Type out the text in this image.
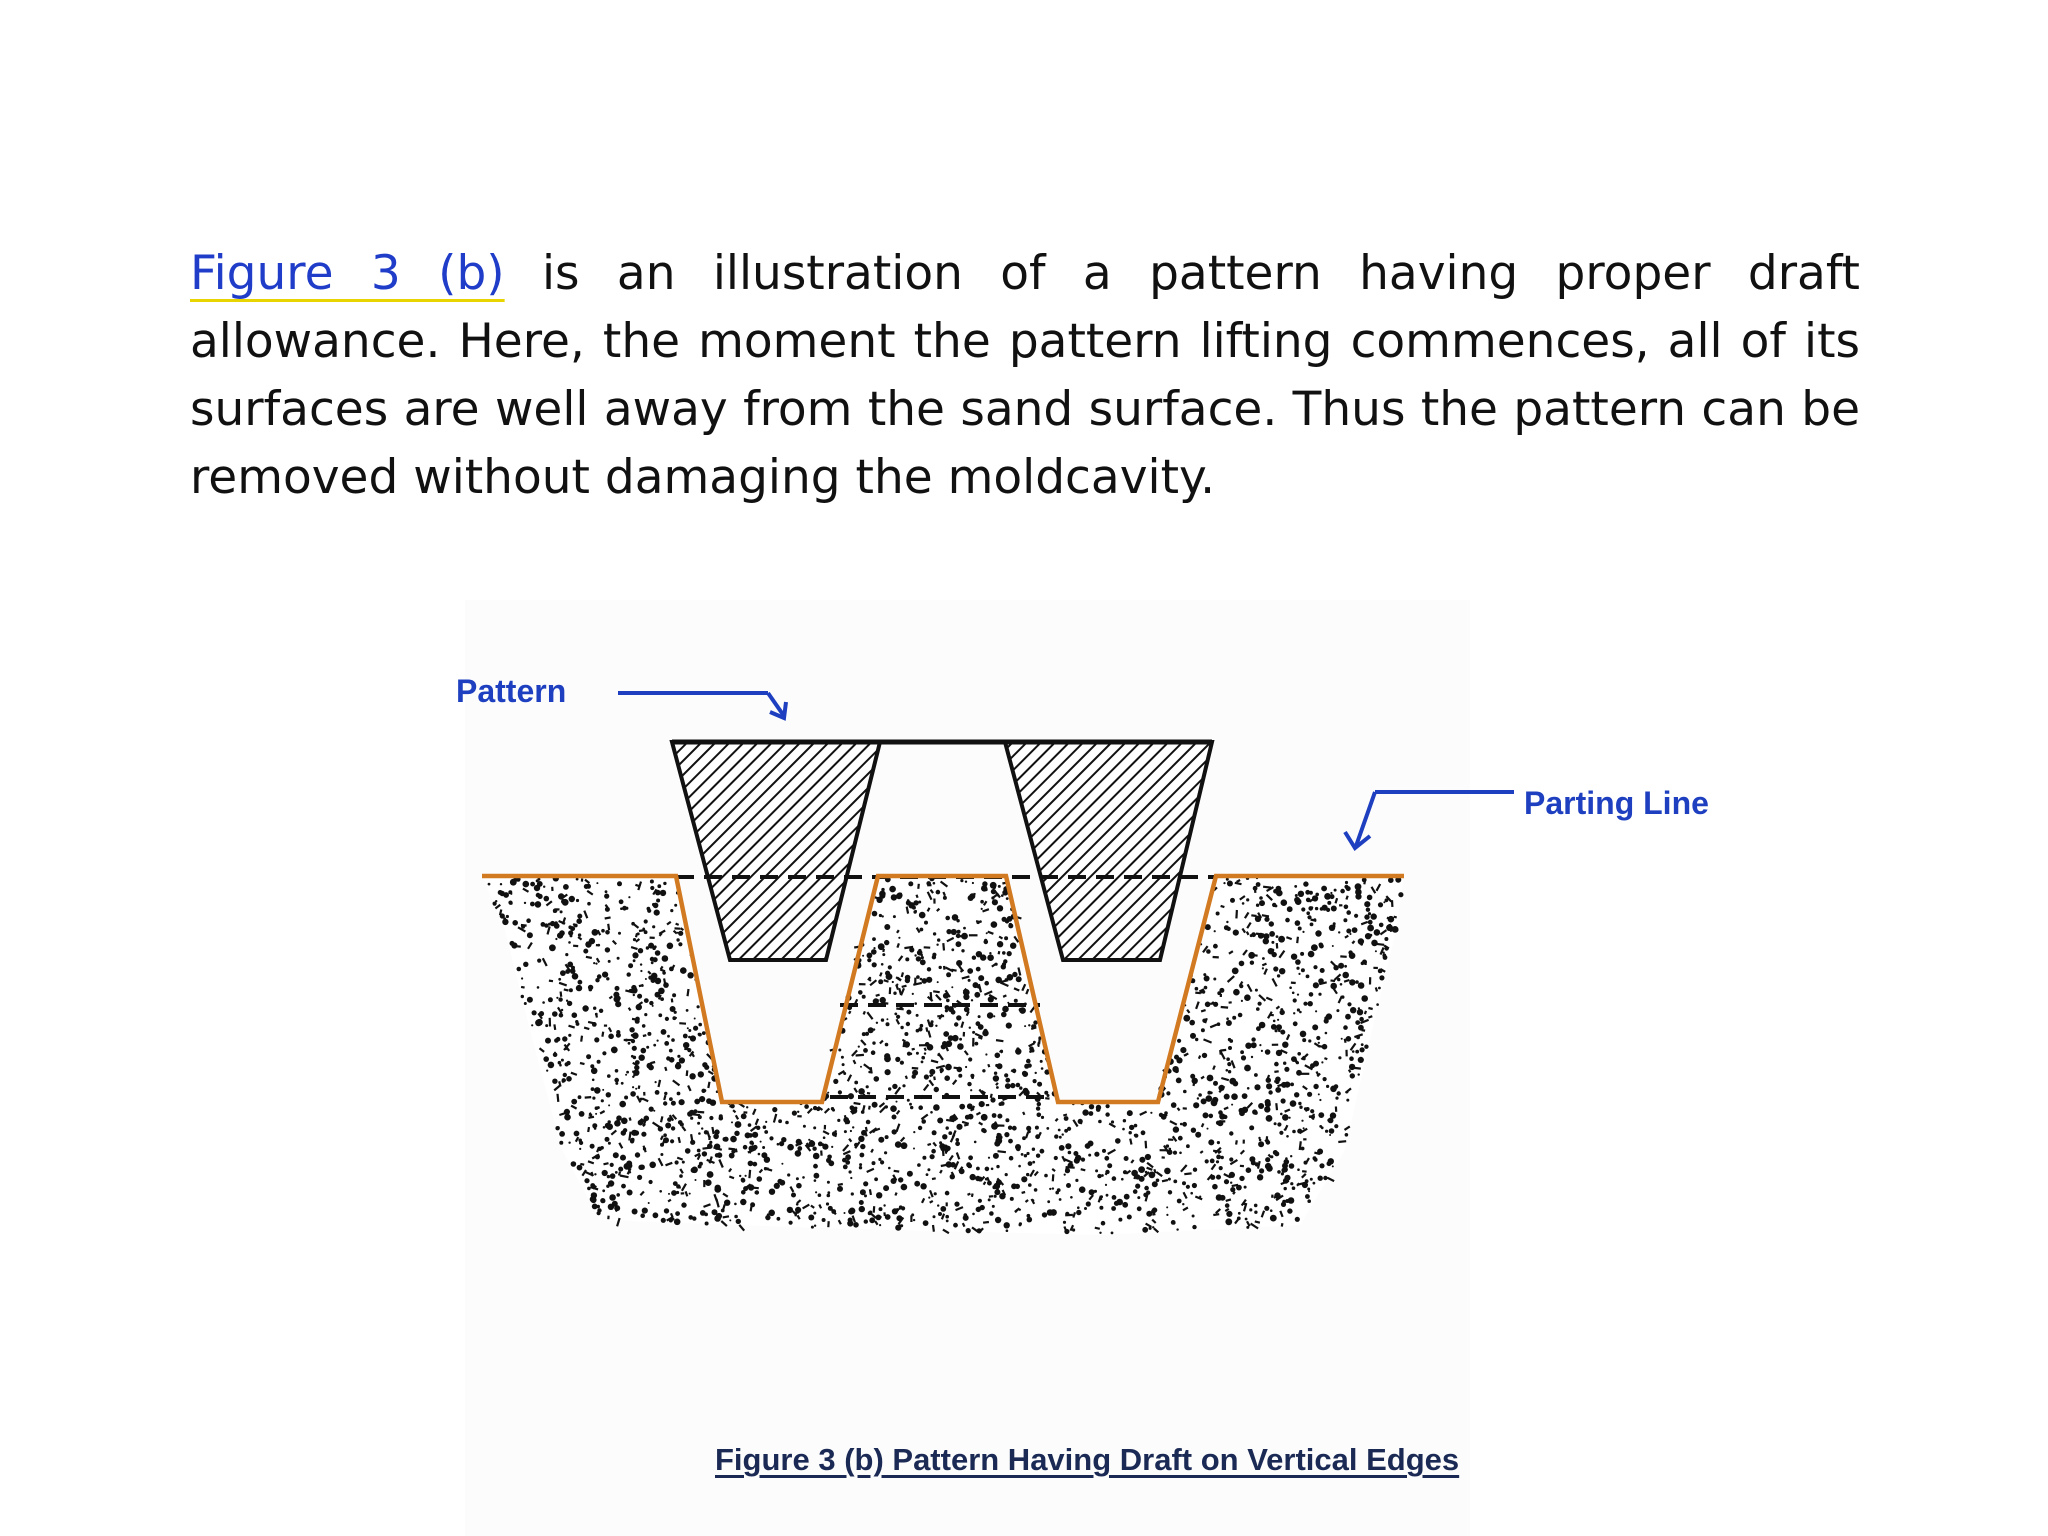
Figure 3 (b) is an illustration of a pattern having proper draft allowance. Here, the moment the pattern lifting commences, all of its surfaces are well away from the sand surface. Thus the pattern can be removed without damaging the moldcavity.

Pattern
Parting Line
Figure 3 (b) Pattern Having Draft on Vertical Edges
